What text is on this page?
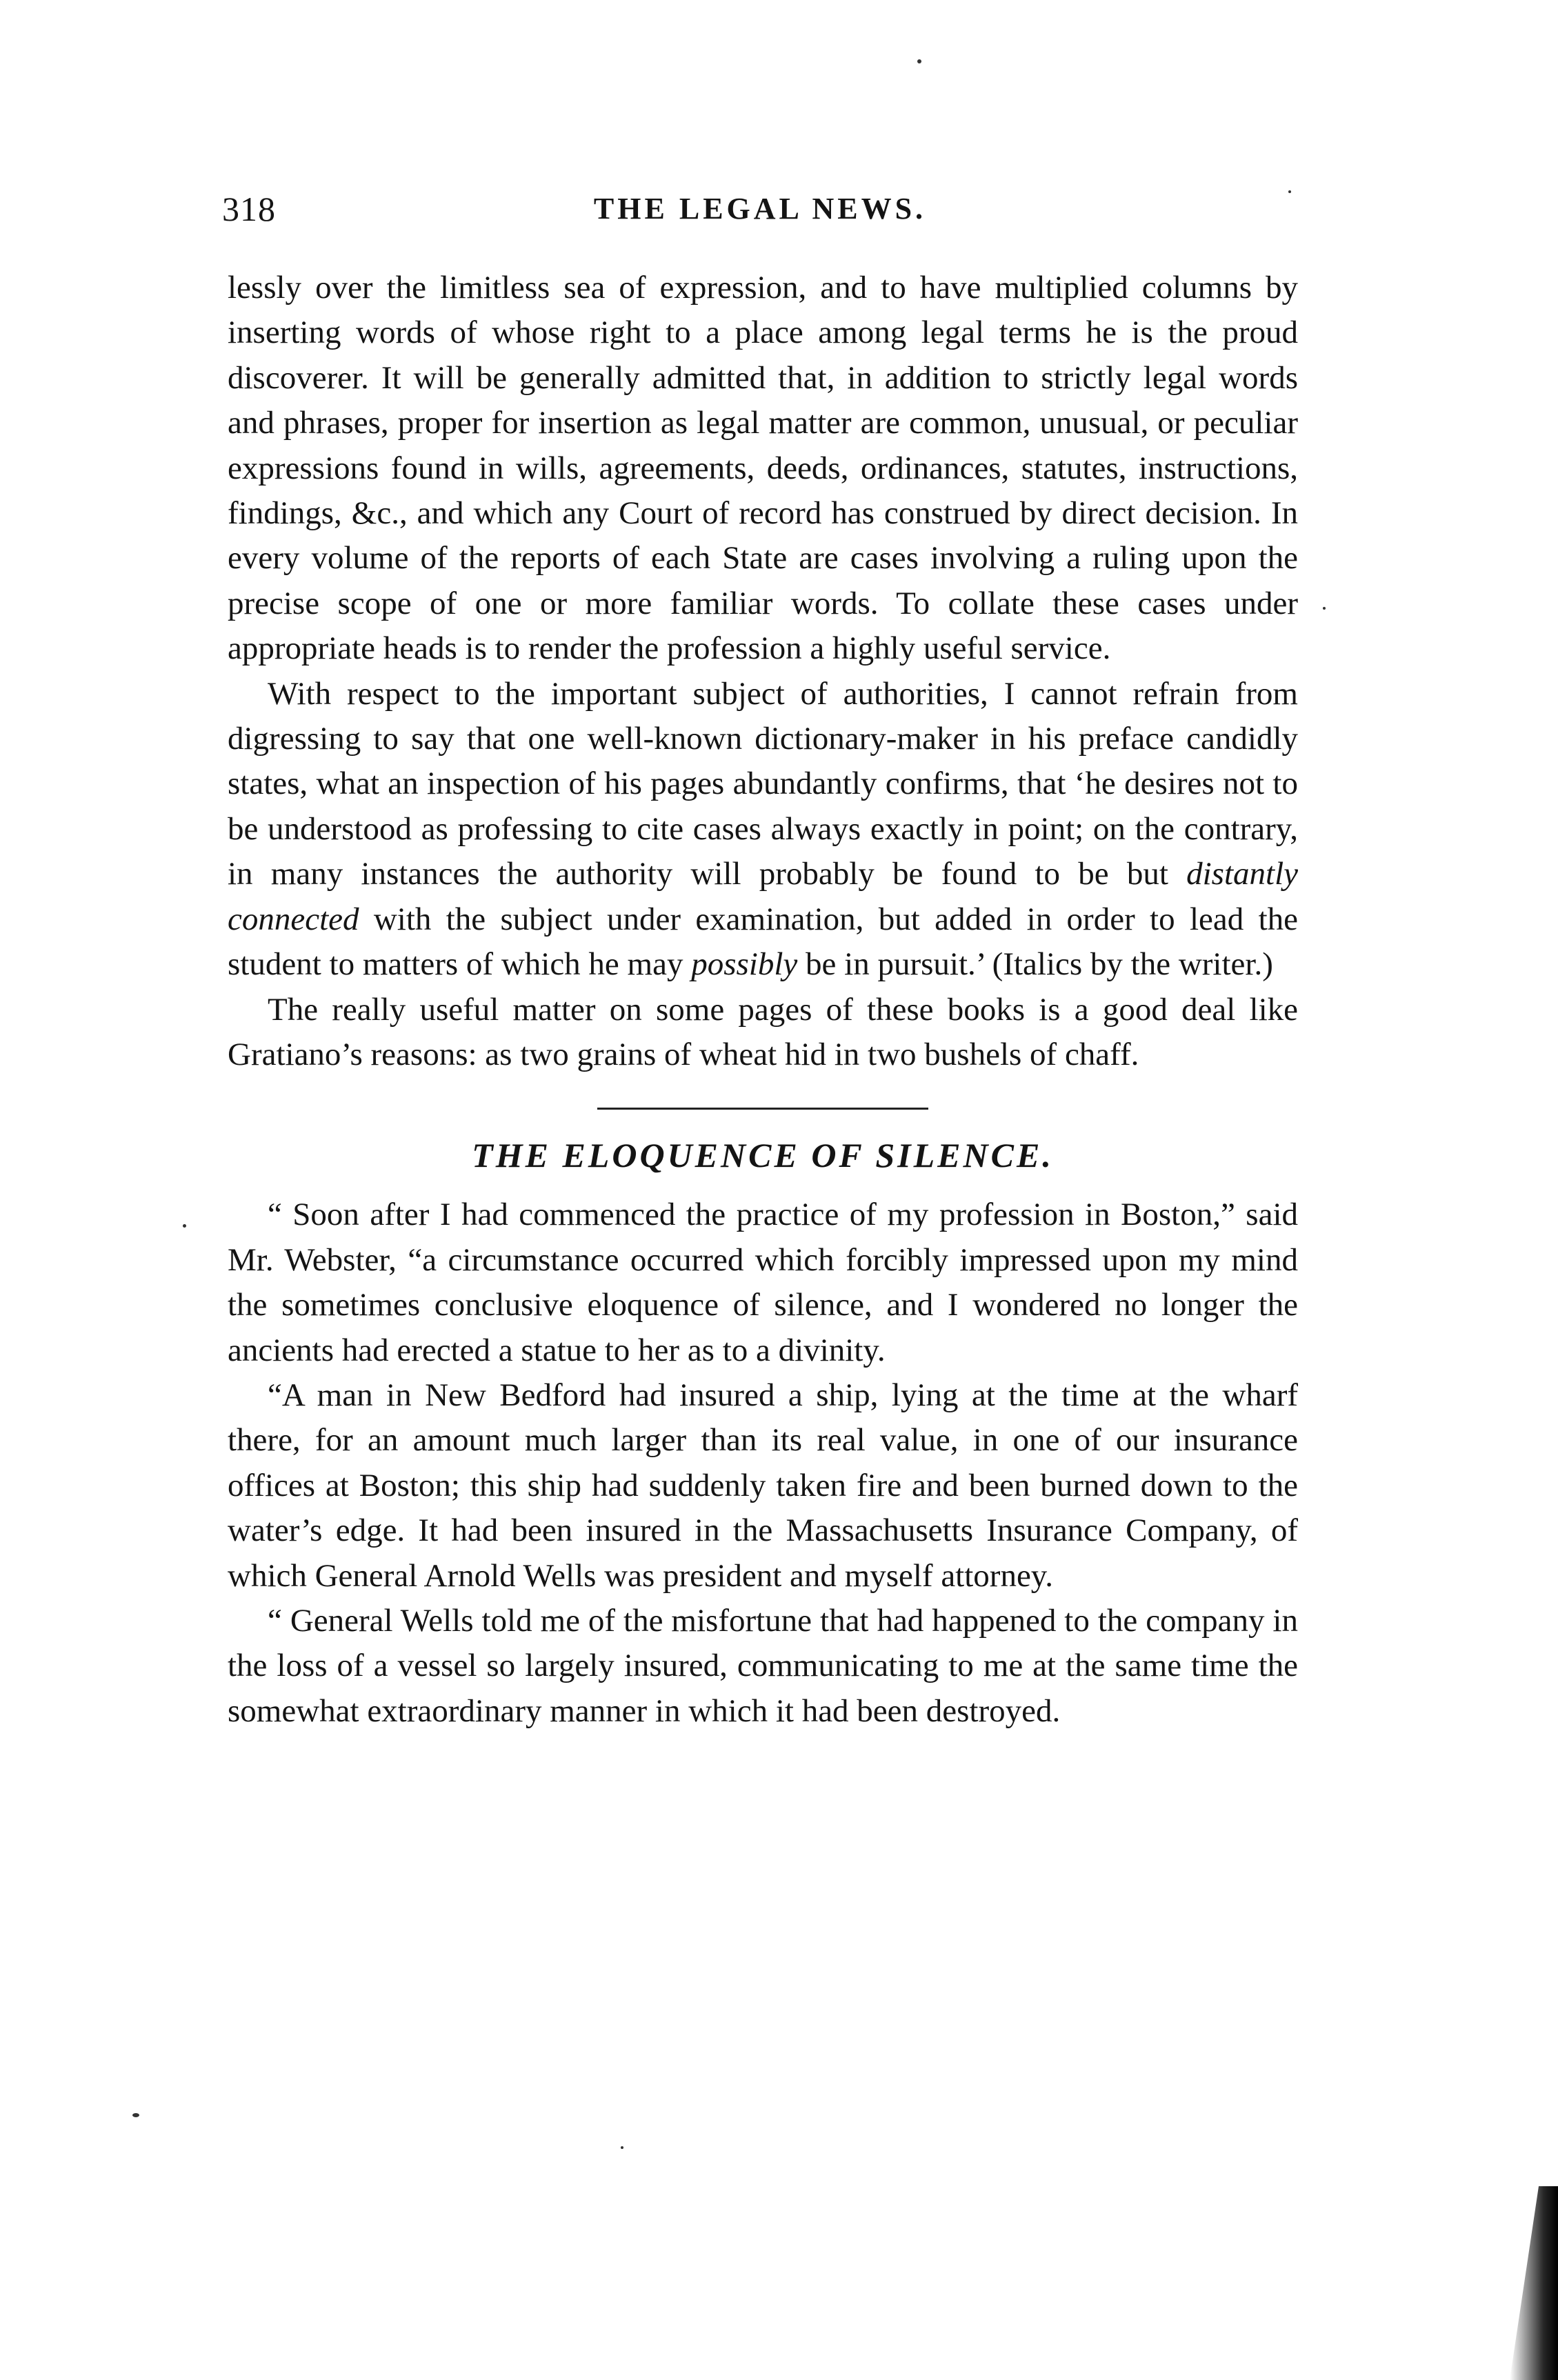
318	THE LEGAL NEWS.

lessly over the limitless sea of expression, and to have multiplied columns by inserting words of whose right to a place among legal terms he is the proud discoverer. It will be generally admitted that, in addition to strictly legal words and phrases, proper for insertion as legal matter are common, unusual, or peculiar expressions found in wills, agreements, deeds, ordinances, statutes, instructions, findings, &c., and which any Court of record has construed by direct decision. In every volume of the reports of each State are cases involving a ruling upon the precise scope of one or more familiar words. To collate these cases under appropriate heads is to render the profession a highly useful service.

With respect to the important subject of authorities, I cannot refrain from digressing to say that one well-known dictionary-maker in his preface candidly states, what an inspection of his pages abundantly confirms, that ‘he desires not to be understood as professing to cite cases always exactly in point; on the contrary, in many instances the authority will probably be found to be but distantly connected with the subject under examination, but added in order to lead the student to matters of which he may possibly be in pursuit.’ (Italics by the writer.)

The really useful matter on some pages of these books is a good deal like Gratiano’s reasons: as two grains of wheat hid in two bushels of chaff.

THE ELOQUENCE OF SILENCE.

“ Soon after I had commenced the practice of my profession in Boston,” said Mr. Webster, “a circumstance occurred which forcibly impressed upon my mind the sometimes conclusive eloquence of silence, and I wondered no longer the ancients had erected a statue to her as to a divinity.

“A man in New Bedford had insured a ship, lying at the time at the wharf there, for an amount much larger than its real value, in one of our insurance offices at Boston; this ship had suddenly taken fire and been burned down to the water’s edge. It had been insured in the Massachusetts Insurance Company, of which General Arnold Wells was president and myself attorney.

“ General Wells told me of the misfortune that had happened to the company in the loss of a vessel so largely insured, communicating to me at the same time the somewhat extraordinary manner in which it had been destroyed.
